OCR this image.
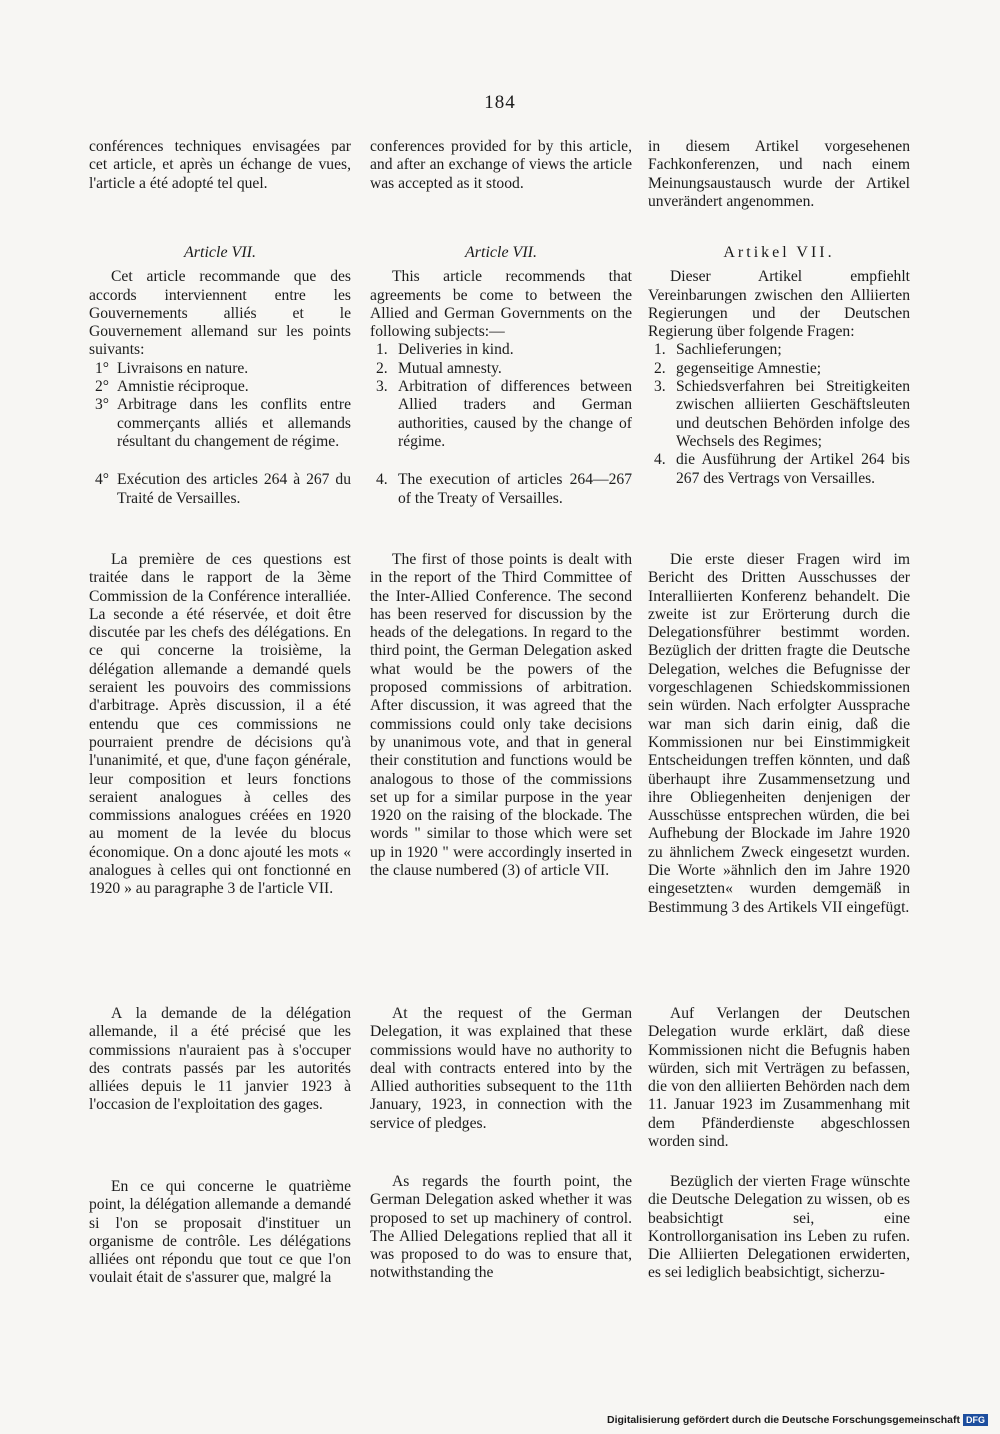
184

conférences techniques envisagées par cet article, et après un échange de vues, l'article a été adopté tel quel.

Article VII.

Cet article recommande que des accords interviennent entre les Gouvernements alliés et le Gouvernement allemand sur les points suivants:

1° Livraisons en nature.
2° Amnistie réciproque.
3° Arbitrage dans les conflits entre commerçants alliés et allemands résultant du changement de régime.
4° Exécution des articles 264 à 267 du Traité de Versailles.

La première de ces questions est traitée dans le rapport de la 3ème Commission de la Conférence interalliée. La seconde a été réservée, et doit être discutée par les chefs des délégations. En ce qui concerne la troisième, la délégation allemande a demandé quels seraient les pouvoirs des commissions d'arbitrage. Après discussion, il a été entendu que ces commissions ne pourraient prendre de décisions qu'à l'unanimité, et que, d'une façon générale, leur composition et leurs fonctions seraient analogues à celles des commissions analogues créées en 1920 au moment de la levée du blocus économique. On a donc ajouté les mots « analogues à celles qui ont fonctionné en 1920 » au paragraphe 3 de l'article VII.

A la demande de la délégation allemande, il a été précisé que les commissions n'auraient pas à s'occuper des contrats passés par les autorités alliées depuis le 11 janvier 1923 à l'occasion de l'exploitation des gages.

En ce qui concerne le quatrième point, la délégation allemande a demandé si l'on se proposait d'instituer un organisme de contrôle. Les délégations alliées ont répondu que tout ce que l'on voulait était de s'assurer que, malgré la

conferences provided for by this article, and after an exchange of views the article was accepted as it stood.

Article VII.

This article recommends that agreements be come to between the Allied and German Governments on the following subjects:—

1. Deliveries in kind.
2. Mutual amnesty.
3. Arbitration of differences between Allied traders and German authorities, caused by the change of régime.
4. The execution of articles 264—267 of the Treaty of Versailles.

The first of those points is dealt with in the report of the Third Committee of the Inter-Allied Conference. The second has been reserved for discussion by the heads of the delegations. In regard to the third point, the German Delegation asked what would be the powers of the proposed commissions of arbitration. After discussion, it was agreed that the commissions could only take decisions by unanimous vote, and that in general their constitution and functions would be analogous to those of the commissions set up for a similar purpose in the year 1920 on the raising of the blockade. The words " similar to those which were set up in 1920 " were accordingly inserted in the clause numbered (3) of article VII.

At the request of the German Delegation, it was explained that these commissions would have no authority to deal with contracts entered into by the Allied authorities subsequent to the 11th January, 1923, in connection with the service of pledges.

As regards the fourth point, the German Delegation asked whether it was proposed to set up machinery of control. The Allied Delegations replied that all it was proposed to do was to ensure that, notwithstanding the

in diesem Artikel vorgesehenen Fachkonferenzen, und nach einem Meinungsaustausch wurde der Artikel unverändert angenommen.

Artikel VII.

Dieser Artikel empfiehlt Vereinbarungen zwischen den Alliierten Regierungen und der Deutschen Regierung über folgende Fragen:

1. Sachlieferungen;
2. gegenseitige Amnestie;
3. Schiedsverfahren bei Streitigkeiten zwischen alliierten Geschäftsleuten und deutschen Behörden infolge des Wechsels des Regimes;
4. die Ausführung der Artikel 264 bis 267 des Vertrags von Versailles.

Die erste dieser Fragen wird im Bericht des Dritten Ausschusses der Interalliierten Konferenz behandelt. Die zweite ist zur Erörterung durch die Delegationsführer bestimmt worden. Bezüglich der dritten fragte die Deutsche Delegation, welches die Befugnisse der vorgeschlagenen Schiedskommissionen sein würden. Nach erfolgter Aussprache war man sich darin einig, daß die Kommissionen nur bei Einstimmigkeit Entscheidungen treffen könnten, und daß überhaupt ihre Zusammensetzung und ihre Obliegenheiten denjenigen der Ausschüsse entsprechen würden, die bei Aufhebung der Blockade im Jahre 1920 zu ähnlichem Zweck eingesetzt wurden. Die Worte »ähnlich den im Jahre 1920 eingesetzten« wurden demgemäß in Bestimmung 3 des Artikels VII eingefügt.

Auf Verlangen der Deutschen Delegation wurde erklärt, daß diese Kommissionen nicht die Befugnis haben würden, sich mit Verträgen zu befassen, die von den alliierten Behörden nach dem 11. Januar 1923 im Zusammenhang mit dem Pfänderdienste abgeschlossen worden sind.

Bezüglich der vierten Frage wünschte die Deutsche Delegation zu wissen, ob es beabsichtigt sei, eine Kontrollorganisation ins Leben zu rufen. Die Alliierten Delegationen erwiderten, es sei lediglich beabsichtigt, sicherzu-

Digitalisierung gefördert durch die Deutsche Forschungsgemeinschaft DFG
